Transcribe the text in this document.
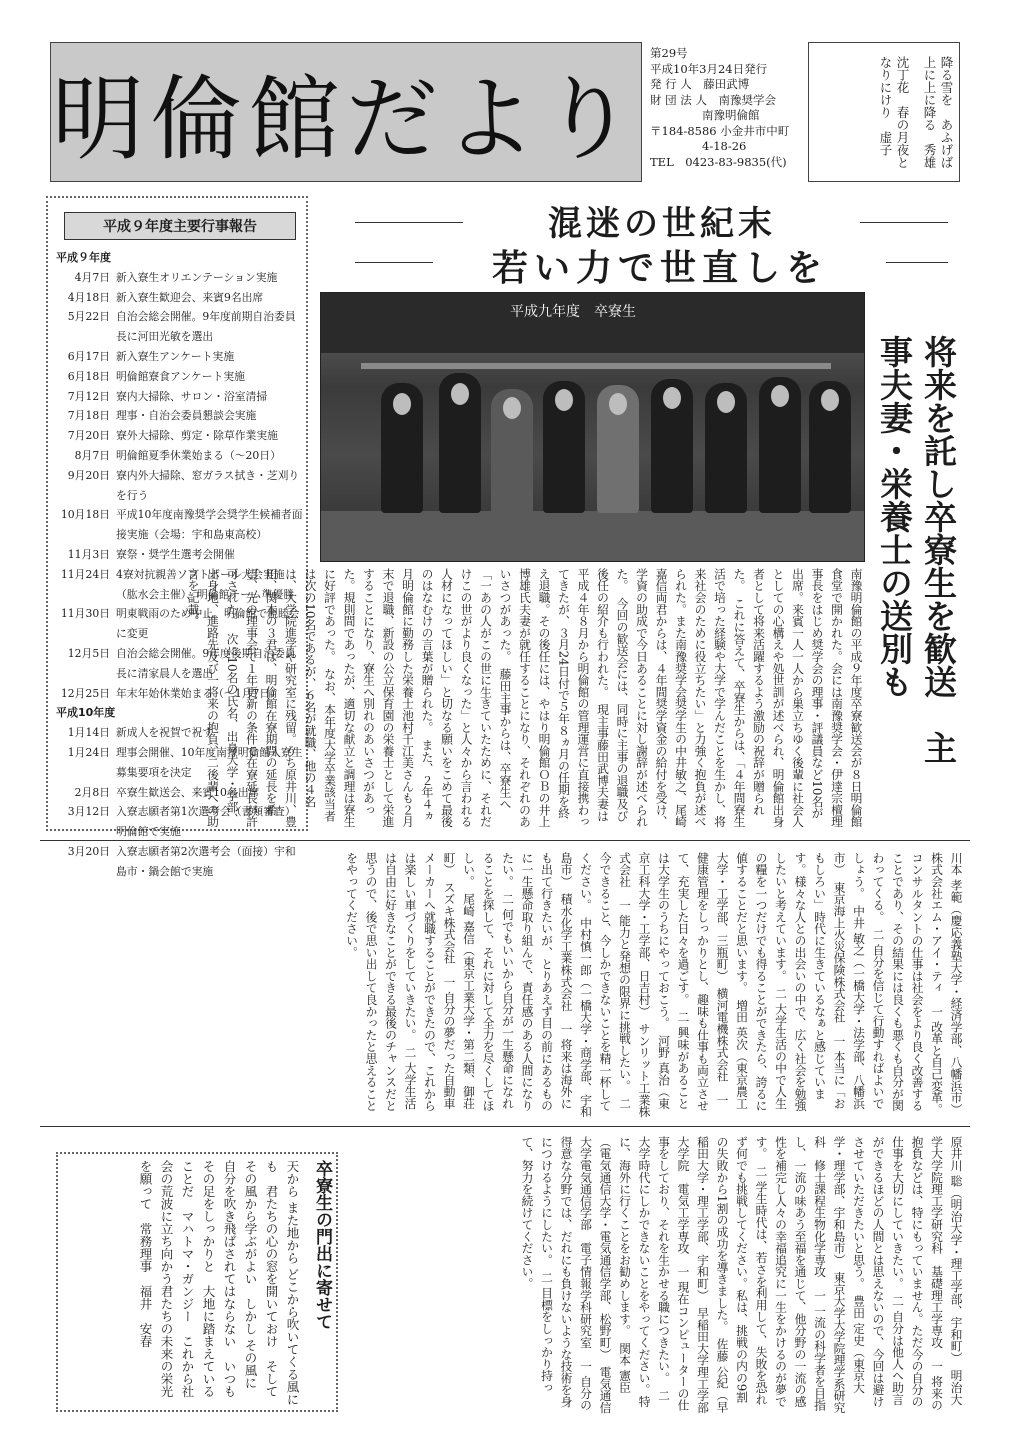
明倫館だより
第29号
平成10年3月24日発行
発 行 人　藤田武博
財 団 法 人　南豫奨学会
南豫明倫館
〒184-8586 小金井市中町
4-18-26
TEL　0423-83-9835(代)	降る雪を　あふげば　上に上に降る　秀雄
沈丁花　春の月夜と　なりにけり　虚子
平成９年度主要行事報告
平成９年度
4月7日 新入寮生オリエンテーション実施
4月18日 新入寮生歓迎会、来賓9名出席
5月22日 自治会総会開催。9年度前期自治委員長に河田光敏を選出
6月17日 新入寮生アンケート実施
6月18日 明倫館寮食アンケート実施
7月12日 寮内大掃除、サロン・浴室清掃
7月18日 理事・自治会委員懇談会実施
7月20日 寮外大掃除、剪定・除草作業実施
8月7日 明倫館夏季休業始まる（〜20日）
9月20日 寮内外大掃除、窓ガラス拭き・芝刈りを行う
10月18日 平成10年度南豫奨学会奨学生候補者面接実施（会場：宇和島東高校）
11月3日 寮祭・奨学生選考会開催
11月24日 4寮対抗親善ソフトボール大会実施（肱水会主催）、明倫館チーム準優勝
11月30日 明東戦雨のため中止。明倫館で親睦会に変更
12月5日 自治会総会開催。9年度後期自治委員長に清家晨人を選出
12月25日 年末年始休業始まる（〜1月7日）
平成10年度
1月14日 新成人を祝賀で祝す
1月24日 理事会開催、10年度南豫明倫館入寮生募集要項を決定
2月8日 卒寮生歓送会、来賓10名出席
3月12日 入寮志願者第1次選考会（書類審査）明倫館で実施
3月20日 入寮志願者第2次選考会（面接）宇和島市・鍋会館で実施
混迷の世紀末
若い力で世直しを
平成九年度　卒寮生
将来を託し卒寮生を歓送　主事夫妻・栄養士の送別も
南豫明倫館の平成９年度卒寮歓送会が８日明倫館食堂で開かれた。会には南豫奨学会・伊達宗檀理事長をはじめ奨学会の理事・評議員など10名が出席。来賓一人一人から巣立ちゆく後輩に社会人としての心構えや処世訓が述べられ、明倫館出身者として将来活躍するよう激励の祝辞が贈られた。　これに答えて、卒寮生からは、「４年間寮生活で培った経験や大学で学んだことを生かし、将来社会のために役立ちたい」と力強く抱負が述べられた。また南豫奨学会奨学生の中井敏之、尾崎嘉信両君からは、４年間奨学資金の給付を受け、学資の助成で今日あることに対し謝辞が述べられた。　今回の歓送会には、同時に主事の退職及び後任の紹介も行われた。　現主事藤田武博夫妻は平成４年８月から明倫館の管理運営に直接携わってきたが、３月24日付で５年８ヵ月の任期を終え退職。その後任には、やはり明倫館ＯＢの井上博雄氏夫妻が就任することになり、それぞれのあいさつがあった。　藤田主事からは、卒寮生へ「一あの人がこの世に生きていたために、それだけこの世がより良くなった」と人々から言われる人材になってほしい」と切なる願いをこめて最後のはなむけの言葉が贈られた。　また、２年４ヵ月明倫館に勤務した栄養士池村千江美さんも２月末で退職、新設の公立保育園の栄養士として栄進することになり、寮生へ別れのあいさつがあった。規則間であったが、適切な献立と調理は寮生に好評であった。　なお、本年度大学卒業該当者は次の10名であるが、６名が就職、他の４名は、大学院進学や研究室に残留。うち原井川、豊田、関本の３君は、明倫館在寮期間の延長を希望、先の理事会で１年更新の条件で在寮延長が許可された。　次に10名の氏名、出身大学・学部、出身地、進路先及び一将来の抱負、二後輩への助言を記載。
川本 孝範（慶応義塾大学・経済学部、八幡浜市）　株式会社エム・アイ・ティ　一 改革と自己変革。コンサルタントの仕事は社会をより良く改善することであり、その結果には良くも悪くも自分が関わってくる。　二 自分を信じて行動すればよいでしょう。　中井 敏之（一橋大学・法学部、八幡浜市）　東京海上火災保険株式会社　一 本当に「おもしろい」時代に生きているなぁと感じています。様々な人との出会いの中で、広く社会を勉強したいと考えています。　二 大学生活の中で人生の糧を一つだけでも得ることができたら、誇るに値することだと思います。　増田 英次（東京農工大学・工学部、三瓶町）　横河電機株式会社　一 健康管理をしっかりとし、趣味も仕事も両立させて、充実した日々を過ごす。　二 興味があることは大学生のうちにやっておこう。　河野 真治（東京工科大学・工学部、日吉村）　サンリット工業株式会社　一 能力と発想の限界に挑戦したい。　二 今できること、今しかできないことを精一杯してください。　中村慎一郎（一橋大学・商学部、宇和島市）　積水化学工業株式会社　一 将来は海外にも出て行きたいが、とりあえず目の前にあるものに一生懸命取り組んで、責任感のある人間になりたい。　二 何でもいいから自分が一生懸命になれることを探して、それに対して全力を尽くしてほしい。　尾崎 嘉信（東京工業大学・第二類、御荘町）　スズキ株式会社　一 自分の夢だった自動車メーカーへ就職することができたので、これからは楽しい車づくりをしていきたい。　二 大学生活は自由に好きなことができる最後のチャンスだと思うので、後で思い出して良かったと思えることをやってください。
原井川 聡（明治大学・理工学部、宇和町）　明治大学大学院理工学研究科　基礎理工学専攻　一 将来の抱負などは、特にもっていません。ただ今の自分の仕事を大切にしていきたい。　二 自分は他人へ助言ができるほどの人間とは思えないので、今回は避けさせていただきたいと思う。　豊田 定史（東京大学・理学部、宇和島市）　東京大学大学院理学系研究科　修士課程生物化学専攻　一 一流の科学者を目指し、一流の味あう至福を通じて、他分野の一流の感性を補完し人々の幸福追究に一生をかけるのが夢です。　二 学生時代は、若さを利用して、失敗を恐れず何でも挑戦してください。私は、挑戦の内の9割の失敗から1割の成功を導きました。　佐藤 公紀（早稲田大学・理工学部、宇和町）　早稲田大学理工学部大学院　電気工学専攻　一 現在コンピューターの仕事をしており、それを生かせる職につきたい。　二 大学時代にしかできないことをやってください。特に、海外に行くことをお勧めします。　関本 憲臣（電気通信大学・電気通信学部、松野町）　電気通信大学電気通信学部　電子情報学科研究室　一 自分の得意な分野では、だれにも負けないような技術を身につけるようにしたい。　二 目標をしっかり持って、努力を続けてください。
卒寮生の門出に寄せて
天から また地から どこから吹いてくる風にも　君たちの心の窓を開いておけ　そして その風から学ぶがよい　しかし その風に　自分を吹き飛ばされてはならない　いつも その足をしっかりと　大地に踏まえていることだ　マハトマ・ガンジー　これから社会の荒波に立ち向かう君たちの未来の栄光を願って　常務理事　福井　安春
